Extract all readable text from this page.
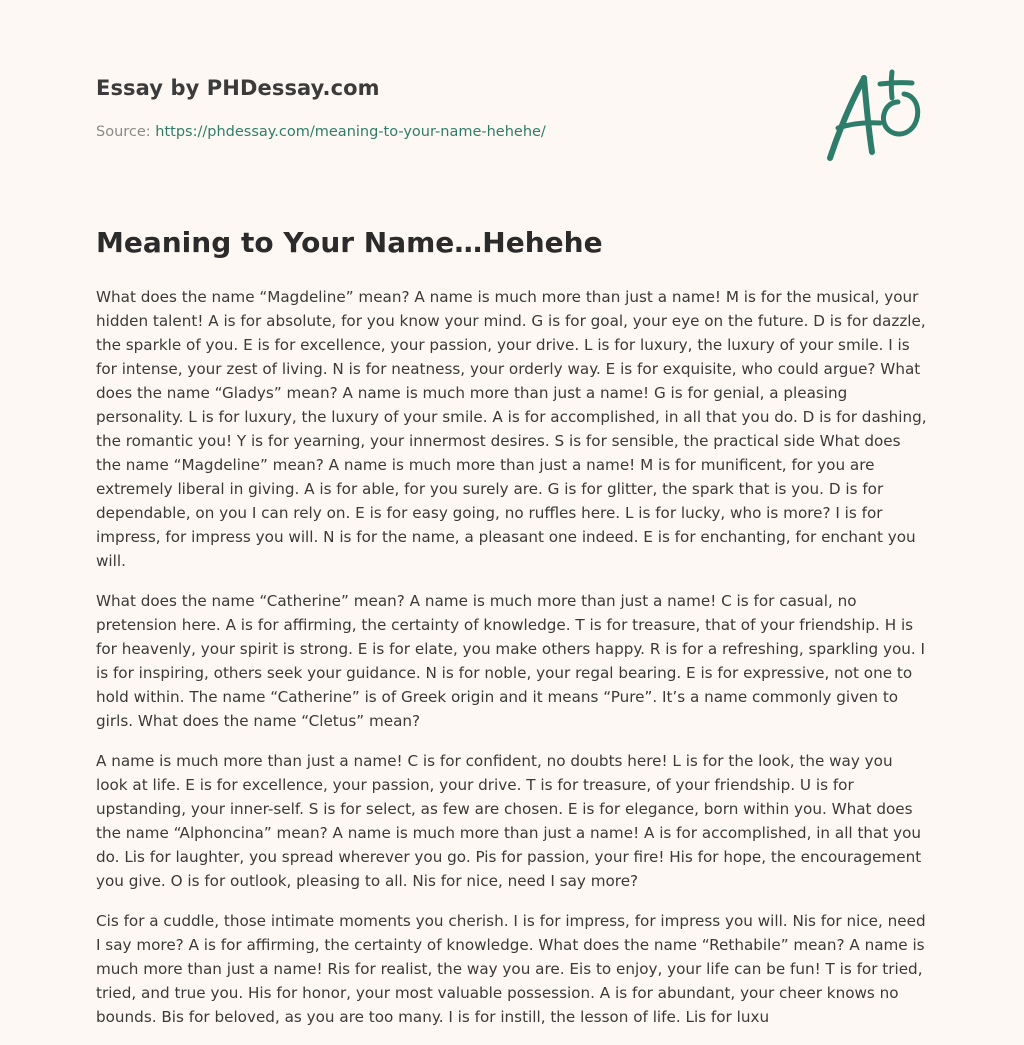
Essay by PHDessay.com
Source: https://phdessay.com/meaning-to-your-name-hehehe/
Meaning to Your Name…Hehehe

What does the name “Magdeline” mean? A name is much more than just a name! M is for the musical, your hidden talent! A is for absolute, for you know your mind. G is for goal, your eye on the future. D is for dazzle, the sparkle of you. E is for excellence, your passion, your drive. L is for luxury, the luxury of your smile. I is for intense, your zest of living. N is for neatness, your orderly way. E is for exquisite, who could argue? What does the name “Gladys” mean? A name is much more than just a name! G is for genial, a pleasing personality. L is for luxury, the luxury of your smile. A is for accomplished, in all that you do. D is for dashing, the romantic you! Y is for yearning, your innermost desires. S is for sensible, the practical side What does the name “Magdeline” mean? A name is much more than just a name! M is for munificent, for you are extremely liberal in giving. A is for able, for you surely are. G is for glitter, the spark that is you. D is for dependable, on you I can rely on. E is for easy going, no ruffles here. L is for lucky, who is more? I is for impress, for impress you will. N is for the name, a pleasant one indeed. E is for enchanting, for enchant you will.

What does the name “Catherine” mean? A name is much more than just a name! C is for casual, no pretension here. A is for affirming, the certainty of knowledge. T is for treasure, that of your friendship. H is for heavenly, your spirit is strong. E is for elate, you make others happy. R is for a refreshing, sparkling you. I is for inspiring, others seek your guidance. N is for noble, your regal bearing. E is for expressive, not one to hold within. The name “Catherine” is of Greek origin and it means “Pure”. It’s a name commonly given to girls. What does the name “Cletus” mean?

A name is much more than just a name! C is for confident, no doubts here! L is for the look, the way you look at life. E is for excellence, your passion, your drive. T is for treasure, of your friendship. U is for upstanding, your inner-self. S is for select, as few are chosen. E is for elegance, born within you. What does the name “Alphoncina” mean? A name is much more than just a name! A is for accomplished, in all that you do. Lis for laughter, you spread wherever you go. Pis for passion, your fire! His for hope, the encouragement you give. O is for outlook, pleasing to all. Nis for nice, need I say more?

Cis for a cuddle, those intimate moments you cherish. I is for impress, for impress you will. Nis for nice, need I say more? A is for affirming, the certainty of knowledge. What does the name “Rethabile” mean? A name is much more than just a name! Ris for realist, the way you are. Eis to enjoy, your life can be fun! T is for tried, tried, and true you. His for honor, your most valuable possession. A is for abundant, your cheer knows no bounds. Bis for beloved, as you are too many. I is for instill, the lesson of life. Lis for luxu
